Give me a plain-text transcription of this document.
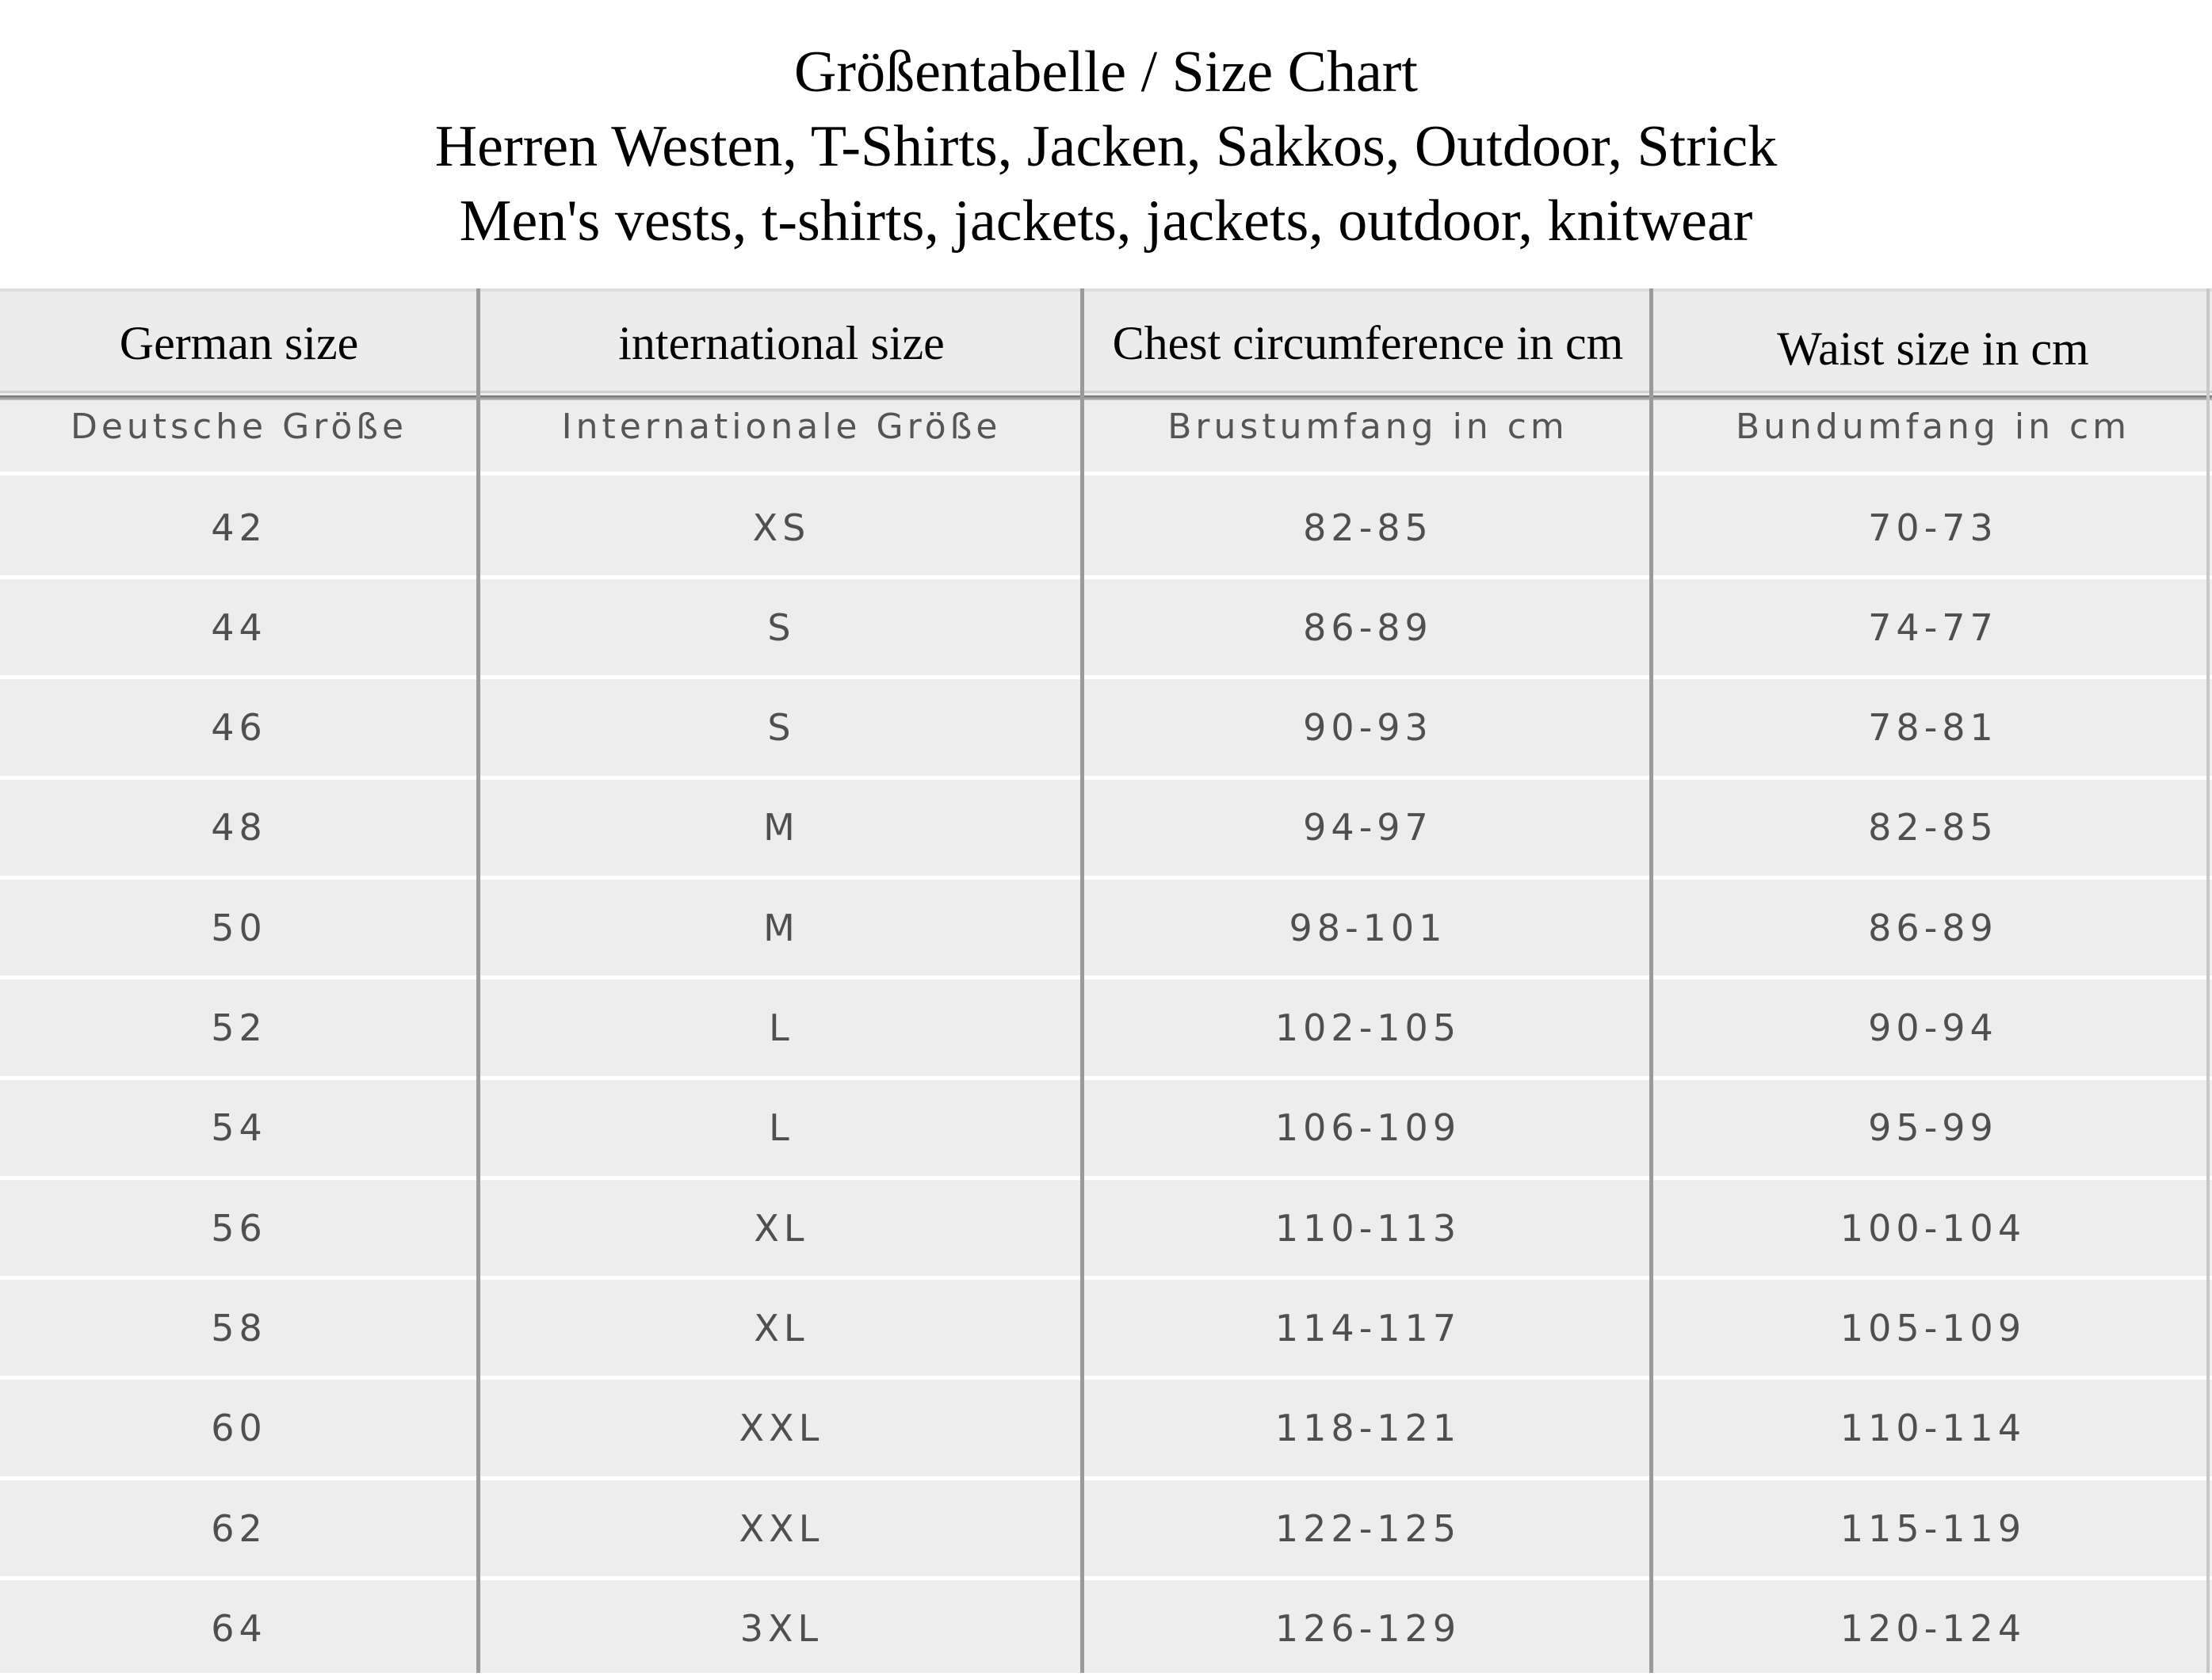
Größentabelle / Size Chart
Herren Westen, T-Shirts, Jacken, Sakkos, Outdoor, Strick
Men's vests, t-shirts, jackets, jackets, outdoor, knitwear
German size	international size	Chest circumference in cm	Waist size in cm
Deutsche Größe	Internationale Größe	Brustumfang in cm	Bundumfang in cm
42	XS	82-85	70-73
44	S	86-89	74-77
46	S	90-93	78-81
48	M	94-97	82-85
50	M	98-101	86-89
52	L	102-105	90-94
54	L	106-109	95-99
56	XL	110-113	100-104
58	XL	114-117	105-109
60	XXL	118-121	110-114
62	XXL	122-125	115-119
64	3XL	126-129	120-124
